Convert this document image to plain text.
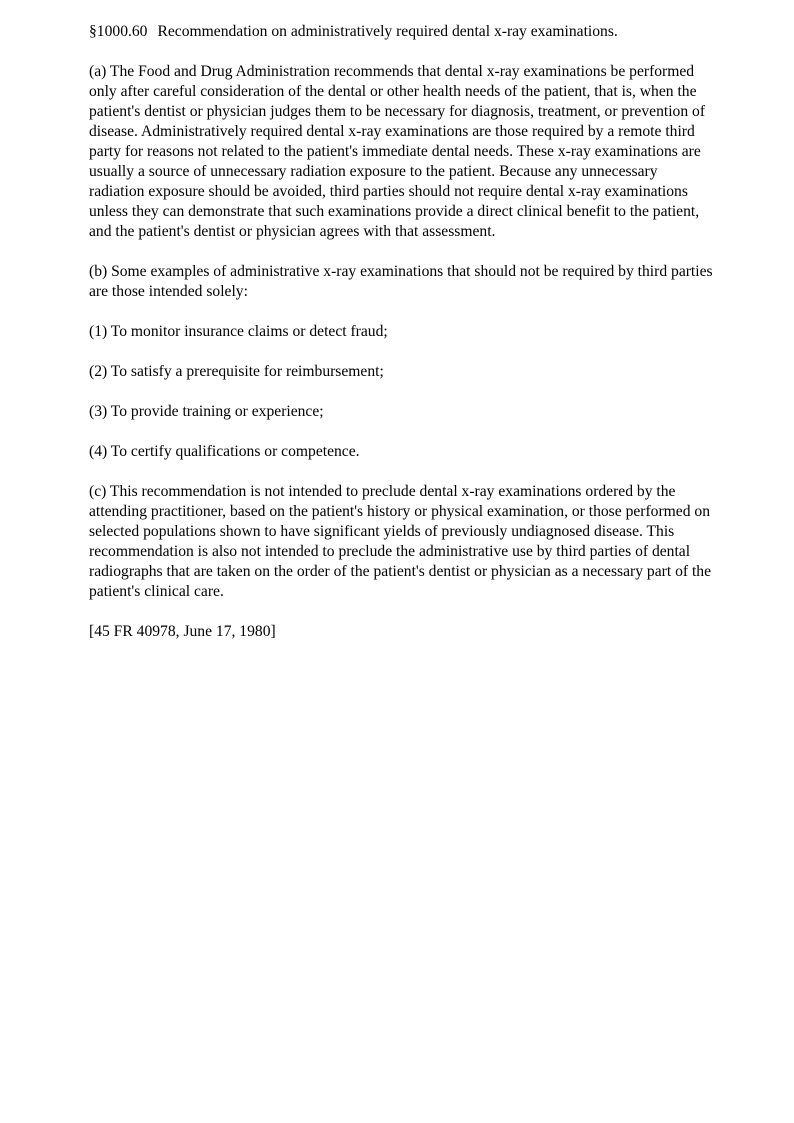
§1000.60 Recommendation on administratively required dental x-ray examinations.

(a) The Food and Drug Administration recommends that dental x-ray examinations be performed only after careful consideration of the dental or other health needs of the patient, that is, when the patient's dentist or physician judges them to be necessary for diagnosis, treatment, or prevention of disease. Administratively required dental x-ray examinations are those required by a remote third party for reasons not related to the patient's immediate dental needs. These x-ray examinations are usually a source of unnecessary radiation exposure to the patient. Because any unnecessary radiation exposure should be avoided, third parties should not require dental x-ray examinations unless they can demonstrate that such examinations provide a direct clinical benefit to the patient, and the patient's dentist or physician agrees with that assessment.

(b) Some examples of administrative x-ray examinations that should not be required by third parties are those intended solely:

(1) To monitor insurance claims or detect fraud;

(2) To satisfy a prerequisite for reimbursement;

(3) To provide training or experience;

(4) To certify qualifications or competence.

(c) This recommendation is not intended to preclude dental x-ray examinations ordered by the attending practitioner, based on the patient's history or physical examination, or those performed on selected populations shown to have significant yields of previously undiagnosed disease. This recommendation is also not intended to preclude the administrative use by third parties of dental radiographs that are taken on the order of the patient's dentist or physician as a necessary part of the patient's clinical care.

[45 FR 40978, June 17, 1980]
